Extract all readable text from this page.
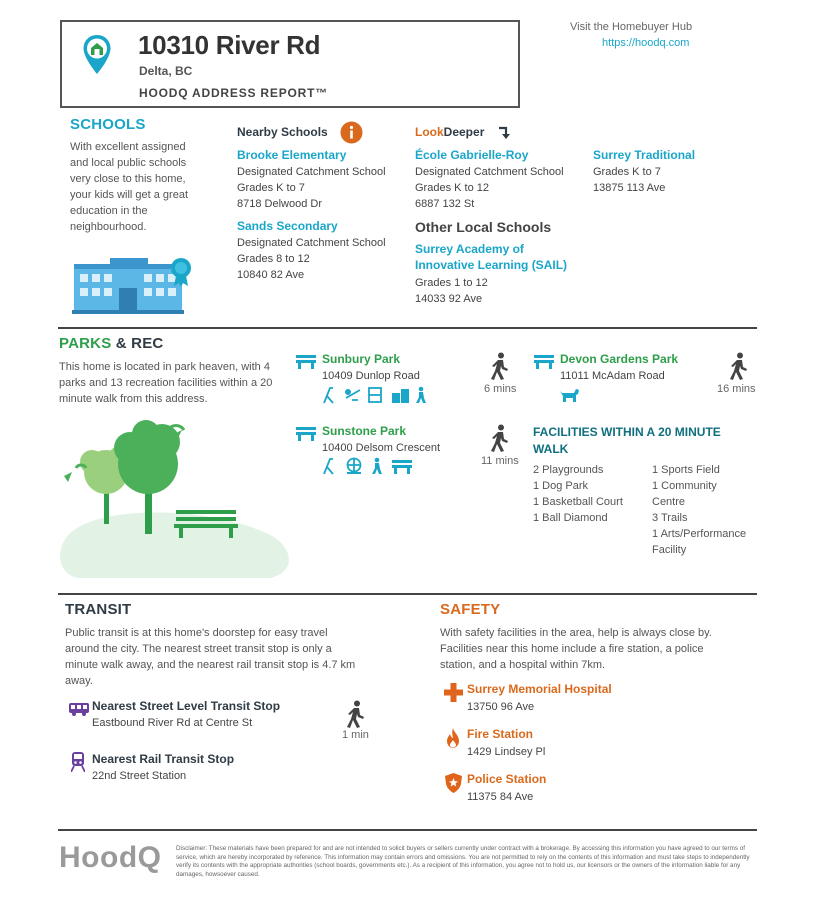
10310 River Rd
Delta, BC
HOODQ ADDRESS REPORT™
Visit the Homebuyer Hub
https://hoodq.com
SCHOOLS
With excellent assigned and local public schools very close to this home, your kids will get a great education in the neighbourhood.
Nearby Schools	LookDeeper
Brooke Elementary
Designated Catchment School
Grades K to 7
8718 Delwood Dr
Sands Secondary
Designated Catchment School
Grades 8 to 12
10840 82 Ave
École Gabrielle-Roy
Designated Catchment School
Grades K to 12
6887 132 St
Surrey Traditional
Grades K to 7
13875 113 Ave
Other Local Schools
Surrey Academy of
Innovative Learning (SAIL)
Grades 1 to 12
14033 92 Ave
PARKS & REC
This home is located in park heaven, with 4 parks and 13 recreation facilities within a 20 minute walk from this address.
Sunbury Park
10409 Dunlop Road
6 mins
Devon Gardens Park
11011 McAdam Road
16 mins
Sunstone Park
10400 Delsom Crescent
11 mins
FACILITIES WITHIN A 20 MINUTE
WALK
2 Playgrounds
1 Dog Park
1 Basketball Court
1 Ball Diamond
1 Sports Field
1 Community
Centre
3 Trails
1 Arts/Performance
Facility
TRANSIT
Public transit is at this home's doorstep for easy travel
around the city. The nearest street transit stop is only a
minute walk away, and the nearest rail transit stop is 4.7 km
away.
Nearest Street Level Transit Stop
Eastbound River Rd at Centre St
1 min
Nearest Rail Transit Stop
22nd Street Station
SAFETY
With safety facilities in the area, help is always close by.
Facilities near this home include a fire station, a police
station, and a hospital within 7km.
Surrey Memorial Hospital
13750 96 Ave
Fire Station
1429 Lindsey Pl
Police Station
11375 84 Ave
HoodQ Disclaimer: These materials have been prepared for and are not intended to solicit buyers or sellers currently under contract with a brokerage. By accessing this information you have agreed to our terms of
service, which are hereby incorporated by reference. This information may contain errors and omissions. You are not permitted to rely on the contents of this information and must take steps to independently
verify its contents with the appropriate authorities (school boards, governments etc.). As a recipient of this information, you agree not to hold us, our licensors or the owners of the information liable for any
damages, howsoever caused.
